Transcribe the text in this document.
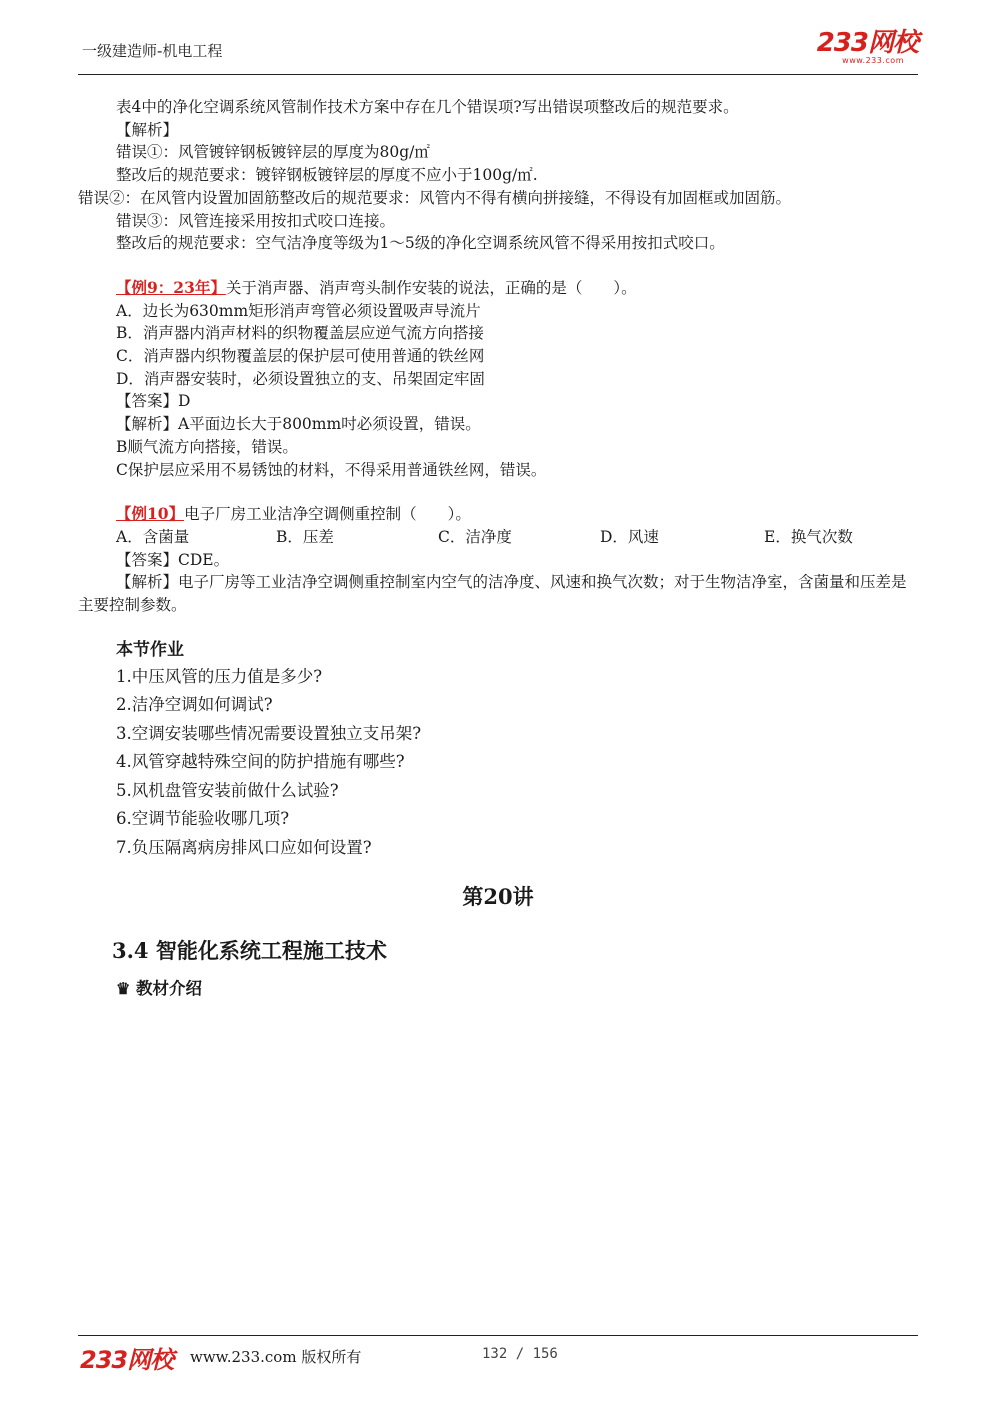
一级建造师-机电工程	233网校
www.233.com
表4中的净化空调系统风管制作技术方案中存在几个错误项?写出错误项整改后的规范要求。
【解析】
错误①：风管镀锌钢板镀锌层的厚度为80g/㎡
整改后的规范要求：镀锌钢板镀锌层的厚度不应小于100g/㎡.
错误②：在风管内设置加固筋整改后的规范要求：风管内不得有横向拼接缝，不得设有加固框或加固筋。
错误③：风管连接采用按扣式咬口连接。
整改后的规范要求：空气洁净度等级为1～5级的净化空调系统风管不得采用按扣式咬口。
【例9：23年】关于消声器、消声弯头制作安装的说法，正确的是（　　）。
A．边长为630mm矩形消声弯管必须设置吸声导流片
B．消声器内消声材料的织物覆盖层应逆气流方向搭接
C．消声器内织物覆盖层的保护层可使用普通的铁丝网
D．消声器安装时，必须设置独立的支、吊架固定牢固
【答案】D
【解析】A平面边长大于800mm吋必须设置，错误。
B顺气流方向搭接，错误。
C保护层应采用不易锈蚀的材料，不得采用普通铁丝网，错误。
【例10】电子厂房工业洁净空调侧重控制（　　）。
A．含菌量	B．压差	C．洁净度	D．风速	E．换气次数
【答案】CDE。
【解析】电子厂房等工业洁净空调侧重控制室内空气的洁净度、风速和换气次数；对于生物洁净室，含菌量和压差是主要控制参数。
本节作业
1.中压风管的压力值是多少?
2.洁净空调如何调试?
3.空调安装哪些情况需要设置独立支吊架?
4.风管穿越特殊空间的防护措施有哪些?
5.风机盘管安装前做什么试验?
6.空调节能验收哪几项?
7.负压隔离病房排风口应如何设置?
第20讲
3.4 智能化系统工程施工技术
♛ 教材介绍
233网校 www.233.com 版权所有	132 / 156
